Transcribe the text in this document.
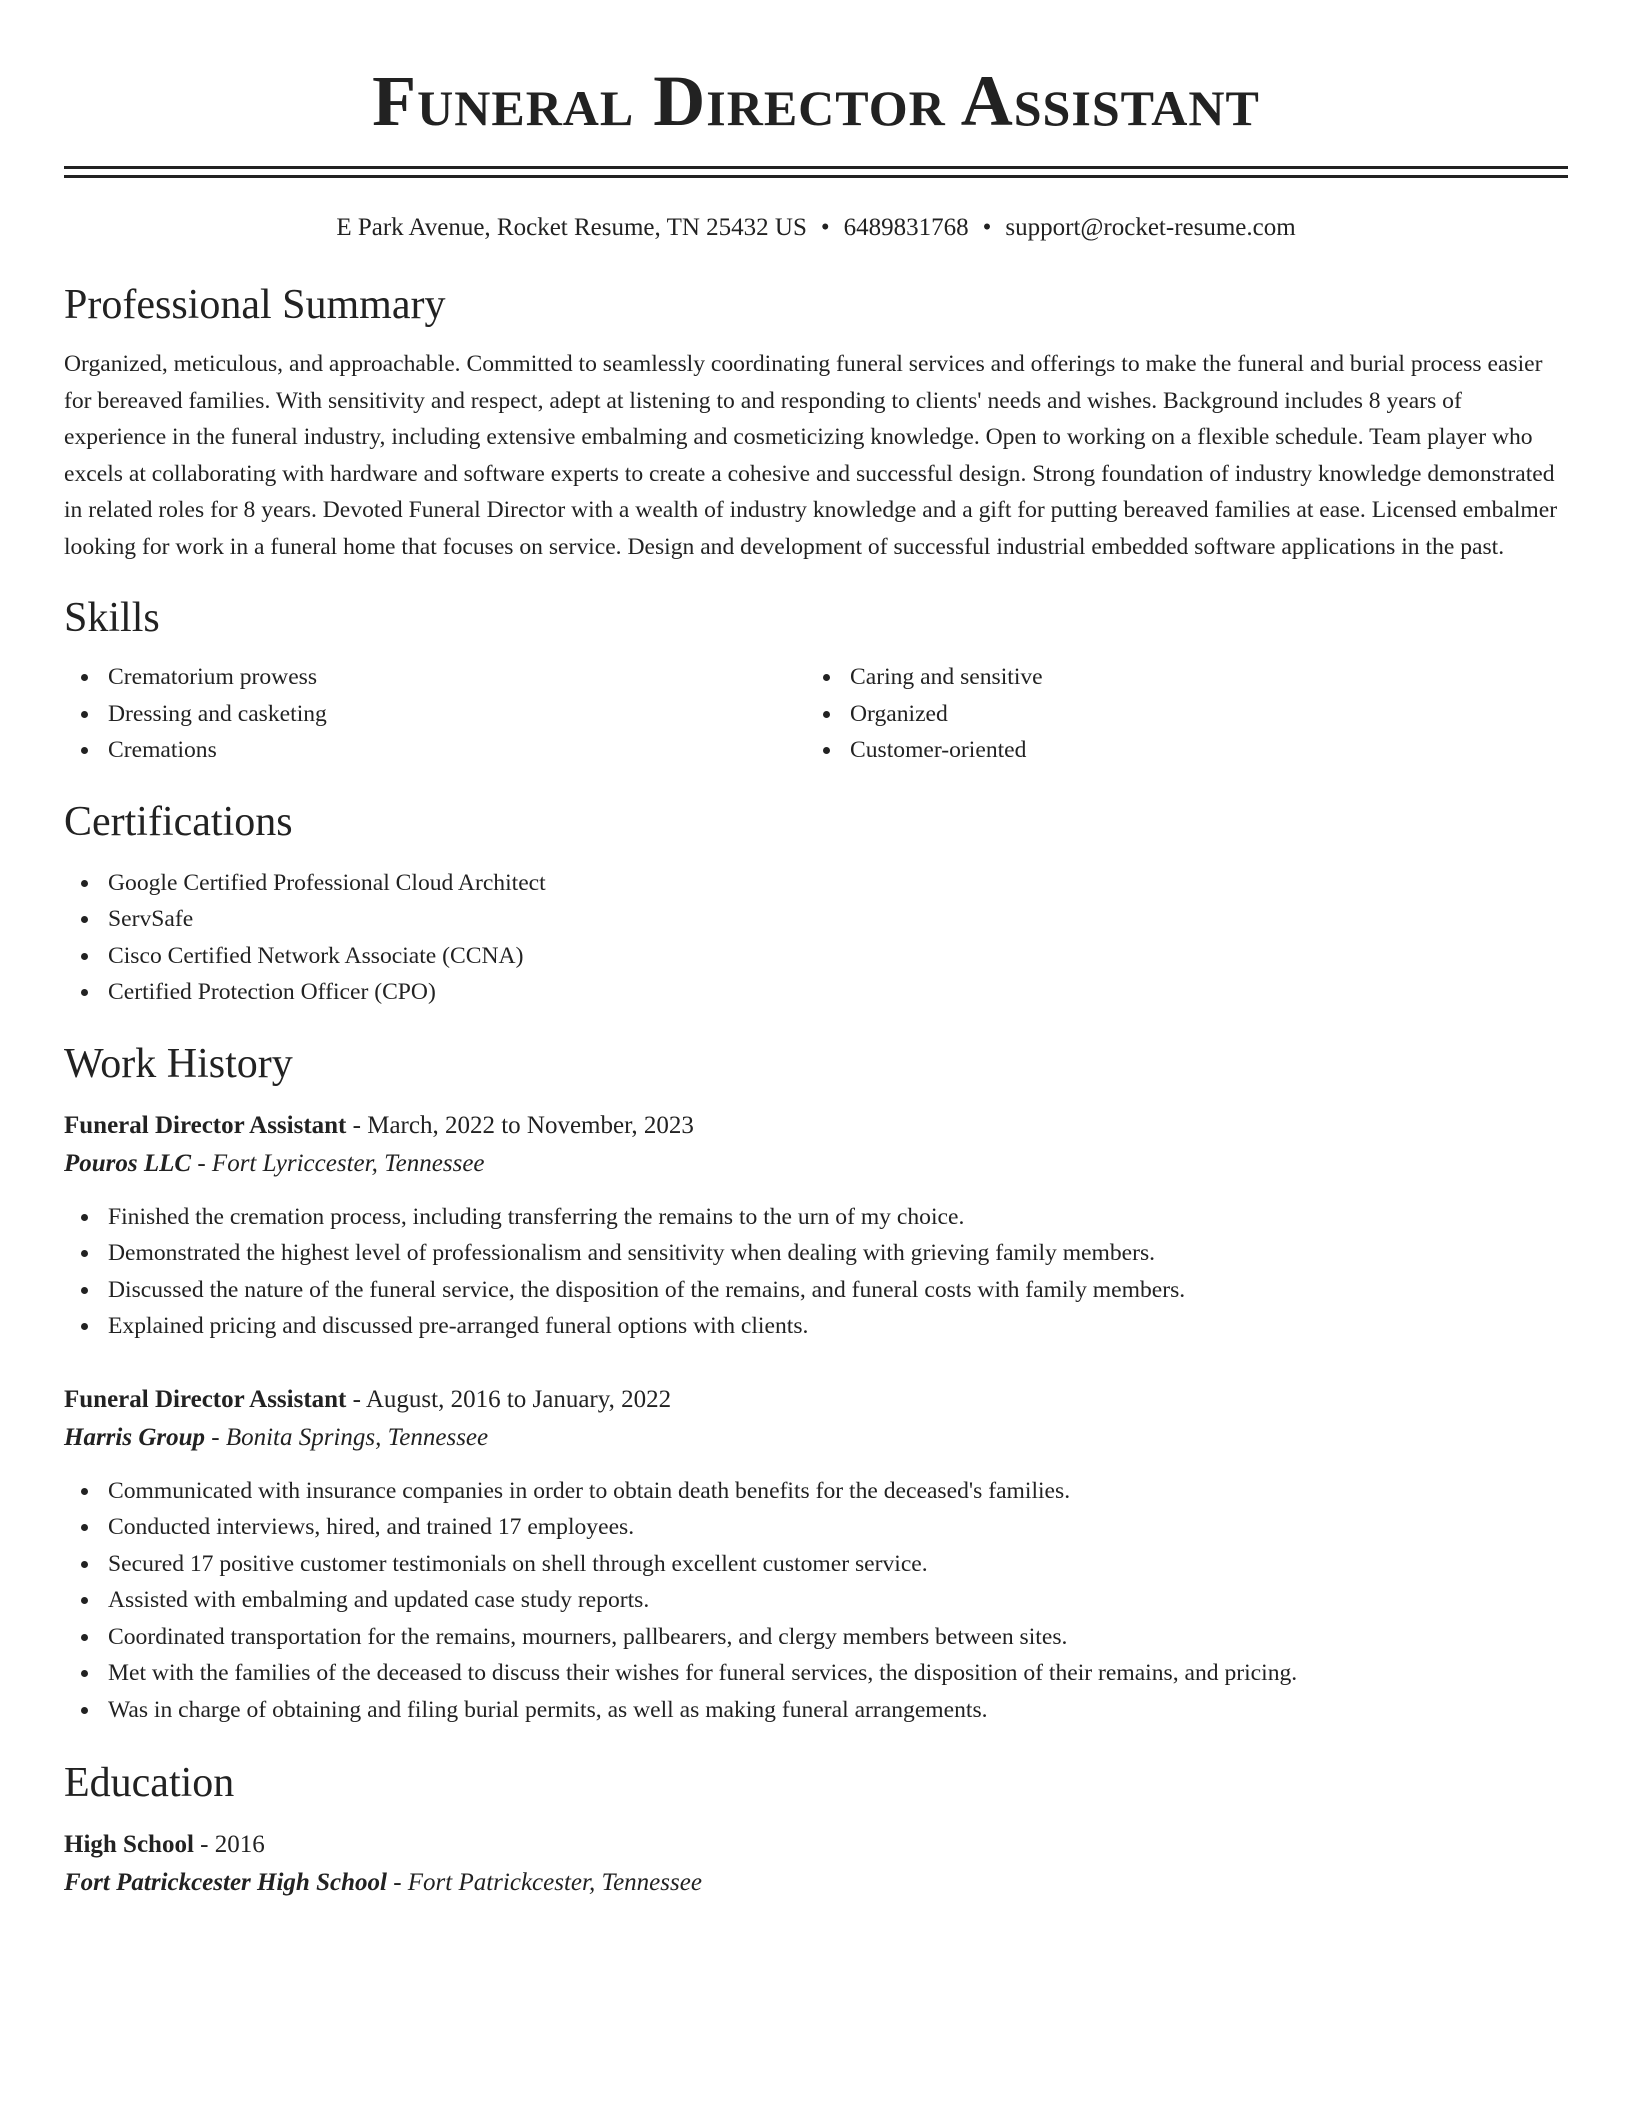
Funeral Director Assistant
E Park Avenue, Rocket Resume, TN 25432 US • 6489831768 • support@rocket-resume.com
Professional Summary

Organized, meticulous, and approachable. Committed to seamlessly coordinating funeral services and offerings to make the funeral and burial process easier for bereaved families. With sensitivity and respect, adept at listening to and responding to clients' needs and wishes. Background includes 8 years of experience in the funeral industry, including extensive embalming and cosmeticizing knowledge. Open to working on a flexible schedule. Team player who excels at collaborating with hardware and software experts to create a cohesive and successful design. Strong foundation of industry knowledge demonstrated in related roles for 8 years. Devoted Funeral Director with a wealth of industry knowledge and a gift for putting bereaved families at ease. Licensed embalmer looking for work in a funeral home that focuses on service. Design and development of successful industrial embedded software applications in the past.

Skills
Crematorium prowess
Dressing and casketing
Cremations
Caring and sensitive
Organized
Customer-oriented
Certifications
Google Certified Professional Cloud Architect
ServSafe
Cisco Certified Network Associate (CCNA)
Certified Protection Officer (CPO)
Work History
Funeral Director Assistant - March, 2022 to November, 2023
Pouros LLC - Fort Lyriccester, Tennessee
Finished the cremation process, including transferring the remains to the urn of my choice.
Demonstrated the highest level of professionalism and sensitivity when dealing with grieving family members.
Discussed the nature of the funeral service, the disposition of the remains, and funeral costs with family members.
Explained pricing and discussed pre-arranged funeral options with clients.
Funeral Director Assistant - August, 2016 to January, 2022
Harris Group - Bonita Springs, Tennessee
Communicated with insurance companies in order to obtain death benefits for the deceased's families.
Conducted interviews, hired, and trained 17 employees.
Secured 17 positive customer testimonials on shell through excellent customer service.
Assisted with embalming and updated case study reports.
Coordinated transportation for the remains, mourners, pallbearers, and clergy members between sites.
Met with the families of the deceased to discuss their wishes for funeral services, the disposition of their remains, and pricing.
Was in charge of obtaining and filing burial permits, as well as making funeral arrangements.
Education
High School - 2016
Fort Patrickcester High School - Fort Patrickcester, Tennessee
